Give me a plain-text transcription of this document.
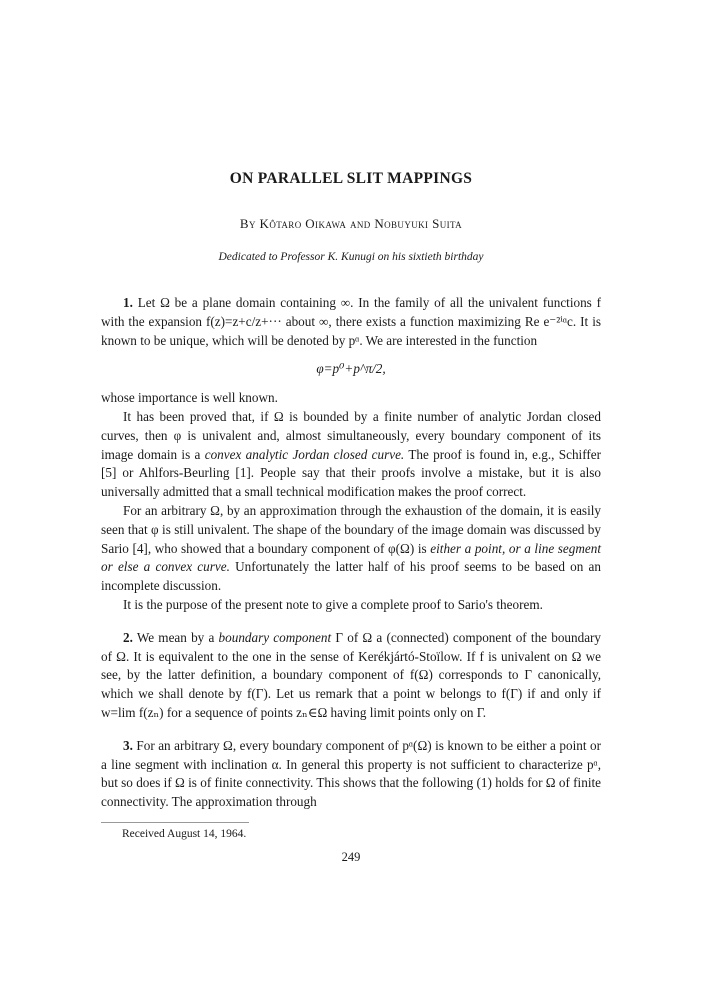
ON PARALLEL SLIT MAPPINGS
By Kôtaro Oikawa and Nobuyuki Suita
Dedicated to Professor K. Kunugi on his sixtieth birthday

1. Let Ω be a plane domain containing ∞. In the family of all the univalent functions f with the expansion f(z)=z+c/z+··· about ∞, there exists a function maximizing Re e⁻²ⁱᵅc. It is known to be unique, which will be denoted by pᵅ. We are interested in the function

φ=p⁰+p^π/2,

whose importance is well known.

It has been proved that, if Ω is bounded by a finite number of analytic Jordan closed curves, then φ is univalent and, almost simultaneously, every boundary component of its image domain is a convex analytic Jordan closed curve. The proof is found in, e.g., Schiffer [5] or Ahlfors-Beurling [1]. People say that their proofs involve a mistake, but it is also universally admitted that a small technical modification makes the proof correct.

For an arbitrary Ω, by an approximation through the exhaustion of the domain, it is easily seen that φ is still univalent. The shape of the boundary of the image domain was discussed by Sario [4], who showed that a boundary component of φ(Ω) is either a point, or a line segment or else a convex curve. Unfortunately the latter half of his proof seems to be based on an incomplete discussion.

It is the purpose of the present note to give a complete proof to Sario's theorem.

2. We mean by a boundary component Γ of Ω a (connected) component of the boundary of Ω. It is equivalent to the one in the sense of Kerékjártó-Stoïlow. If f is univalent on Ω we see, by the latter definition, a boundary component of f(Ω) corresponds to Γ canonically, which we shall denote by f(Γ). Let us remark that a point w belongs to f(Γ) if and only if w=lim f(zₙ) for a sequence of points zₙ∈Ω having limit points only on Γ.

3. For an arbitrary Ω, every boundary component of pᵅ(Ω) is known to be either a point or a line segment with inclination α. In general this property is not sufficient to characterize pᵅ, but so does if Ω is of finite connectivity. This shows that the following (1) holds for Ω of finite connectivity. The approximation through

Received August 14, 1964.
249
